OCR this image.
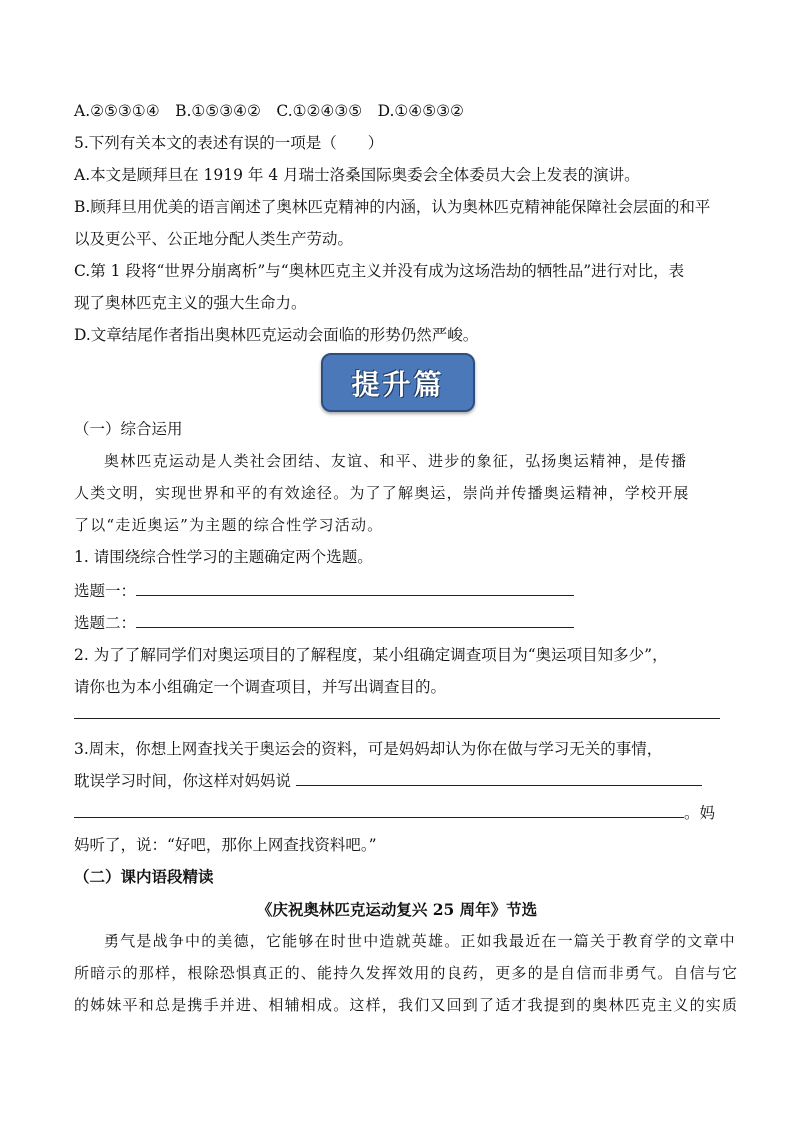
A.②⑤③①④　B.①⑤③④②　C.①②④③⑤　D.①④⑤③②
5.下列有关本文的表述有误的一项是（　　）
A.本文是顾拜旦在 1919 年 4 月瑞士洛桑国际奥委会全体委员大会上发表的演讲。
B.顾拜旦用优美的语言阐述了奥林匹克精神的内涵，认为奥林匹克精神能保障社会层面的和平
以及更公平、公正地分配人类生产劳动。
C.第 1 段将“世界分崩离析”与“奥林匹克主义并没有成为这场浩劫的牺牲品”进行对比，表
现了奥林匹克主义的强大生命力。
D.文章结尾作者指出奥林匹克运动会面临的形势仍然严峻。
提升篇
（一）综合运用
奥林匹克运动是人类社会团结、友谊、和平、进步的象征，弘扬奥运精神，是传播
人类文明，实现世界和平的有效途径。为了了解奥运，崇尚并传播奥运精神，学校开展
了以“走近奥运”为主题的综合性学习活动。
1. 请围绕综合性学习的主题确定两个选题。
选题一：
选题二：
2. 为了了解同学们对奥运项目的了解程度，某小组确定调查项目为“奥运项目知多少”，
请你也为本小组确定一个调查项目，并写出调查目的。
3.周末，你想上网查找关于奥运会的资料，可是妈妈却认为你在做与学习无关的事情，
耽误学习时间，你这样对妈妈说
。妈
妈听了，说：“好吧，那你上网查找资料吧。”
（二）课内语段精读
《庆祝奥林匹克运动复兴 25 周年》节选
勇气是战争中的美德，它能够在时世中造就英雄。正如我最近在一篇关于教育学的文章中
所暗示的那样，根除恐惧真正的、能持久发挥效用的良药，更多的是自信而非勇气。自信与它
的姊妹平和总是携手并进、相辅相成。这样，我们又回到了适才我提到的奥林匹克主义的实质
